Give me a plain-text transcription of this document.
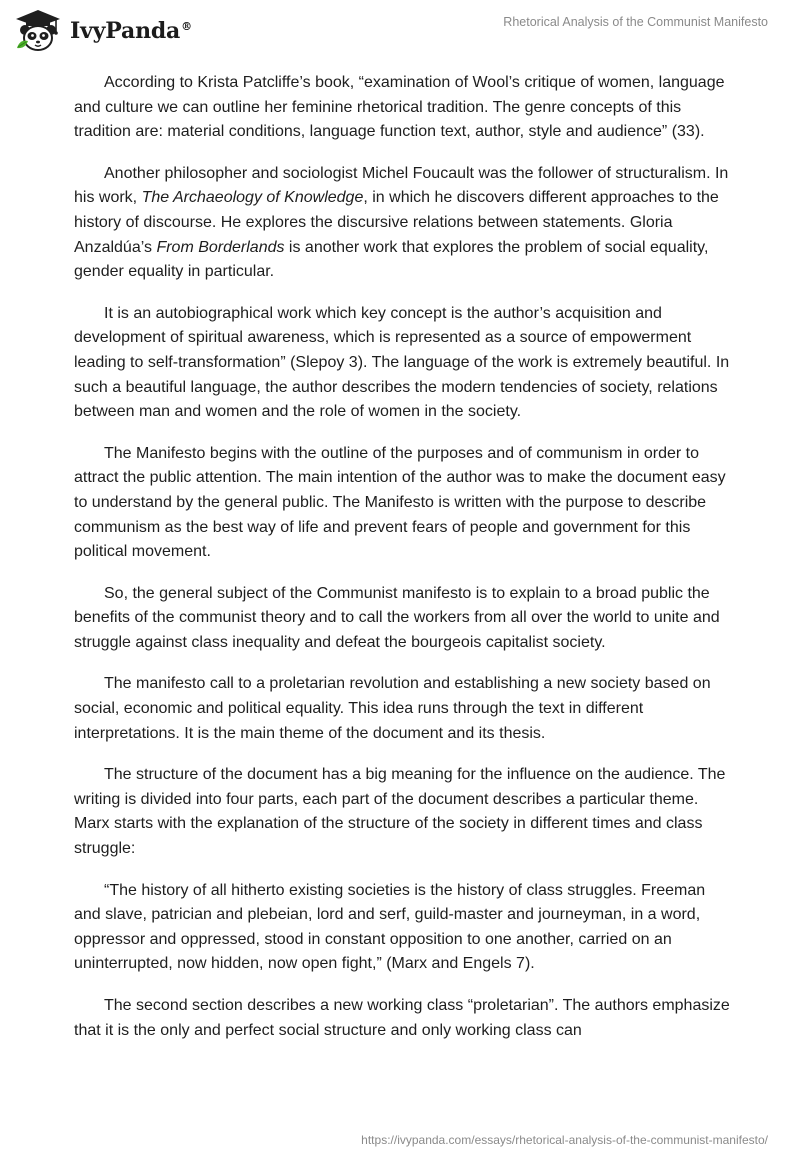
IvyPanda®	Rhetorical Analysis of the Communist Manifesto

According to Krista Patcliffe’s book, “examination of Wool’s critique of women, language and culture we can outline her feminine rhetorical tradition. The genre concepts of this tradition are: material conditions, language function text, author, style and audience” (33).

Another philosopher and sociologist Michel Foucault was the follower of structuralism. In his work, The Archaeology of Knowledge, in which he discovers different approaches to the history of discourse. He explores the discursive relations between statements. Gloria Anzaldúa’s From Borderlands is another work that explores the problem of social equality, gender equality in particular.

It is an autobiographical work which key concept is the author’s acquisition and development of spiritual awareness, which is represented as a source of empowerment leading to self-transformation” (Slepoy 3). The language of the work is extremely beautiful. In such a beautiful language, the author describes the modern tendencies of society, relations between man and women and the role of women in the society.

The Manifesto begins with the outline of the purposes and of communism in order to attract the public attention. The main intention of the author was to make the document easy to understand by the general public. The Manifesto is written with the purpose to describe communism as the best way of life and prevent fears of people and government for this political movement.

So, the general subject of the Communist manifesto is to explain to a broad public the benefits of the communist theory and to call the workers from all over the world to unite and struggle against class inequality and defeat the bourgeois capitalist society.

The manifesto call to a proletarian revolution and establishing a new society based on social, economic and political equality. This idea runs through the text in different interpretations. It is the main theme of the document and its thesis.

The structure of the document has a big meaning for the influence on the audience. The writing is divided into four parts, each part of the document describes a particular theme. Marx starts with the explanation of the structure of the society in different times and class struggle:

“The history of all hitherto existing societies is the history of class struggles. Freeman and slave, patrician and plebeian, lord and serf, guild-master and journeyman, in a word, oppressor and oppressed, stood in constant opposition to one another, carried on an uninterrupted, now hidden, now open fight,” (Marx and Engels 7).

The second section describes a new working class “proletarian”. The authors emphasize that it is the only and perfect social structure and only working class can

https://ivypanda.com/essays/rhetorical-analysis-of-the-communist-manifesto/
